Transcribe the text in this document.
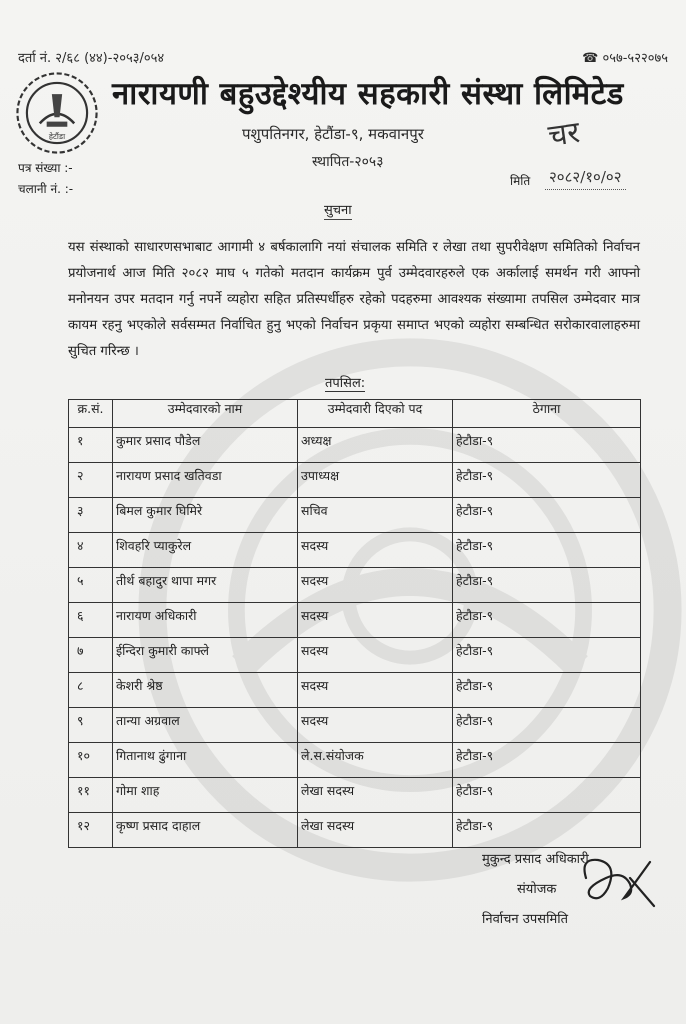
दर्ता नं. २/६८ (४४)-२०५३/०५४	☎ ०५७-५२२०७५
हेटौंडा
नारायणी बहुउद्देश्यीय सहकारी संस्था लिमिटेड
पशुपतिनगर, हेटौंडा-९, मकवानपुर
स्थापित-२०५३
चर
पत्र संख्या :-
चलानी नं. :-
मिति २०८२/१०/०२
सुचना
यस संस्थाको साधारणसभाबाट आगामी ४ बर्षकालागि नयां संचालक समिति र लेखा तथा सुपरीवेक्षण समितिको निर्वाचन प्रयोजनार्थ आज मिति २०८२ माघ ५ गतेको मतदान कार्यक्रम पुर्व उम्मेदवारहरुले एक अर्कालाई समर्थन गरी आफ्नो मनोनयन उपर मतदान गर्नु नपर्ने व्यहोरा सहित प्रतिस्पर्धीहरु रहेको पदहरुमा आवश्यक संख्यामा तपसिल उम्मेदवार मात्र कायम रहनु भएकोले सर्वसम्मत निर्वाचित हुनु भएको निर्वाचन प्रकृया समाप्त भएको व्यहोरा सम्बन्धित सरोकारवालाहरुमा सुचित गरिन्छ ।
तपसिल:
क्र.सं.	उम्मेदवारको नाम	उम्मेदवारी दिएको पद	ठेगाना
१	कुमार प्रसाद पौडेल	अध्यक्ष	हेटौडा-९
२	नारायण प्रसाद खतिवडा	उपाध्यक्ष	हेटौडा-९
३	बिमल कुमार घिमिरे	सचिव	हेटौडा-९
४	शिवहरि प्याकुरेल	सदस्य	हेटौडा-९
५	तीर्थ बहादुर थापा मगर	सदस्य	हेटौडा-९
६	नारायण अधिकारी	सदस्य	हेटौडा-९
७	ईन्दिरा कुमारी काफ्ले	सदस्य	हेटौडा-९
८	केशरी श्रेष्ठ	सदस्य	हेटौडा-९
९	तान्या अग्रवाल	सदस्य	हेटौडा-९
१०	गितानाथ ढुंगाना	ले.स.संयोजक	हेटौडा-९
११	गोमा शाह	लेखा सदस्य	हेटौडा-९
१२	कृष्ण प्रसाद दाहाल	लेखा सदस्य	हेटौडा-९
मुकुन्द प्रसाद अधिकारी
संयोजक
निर्वाचन उपसमिति
